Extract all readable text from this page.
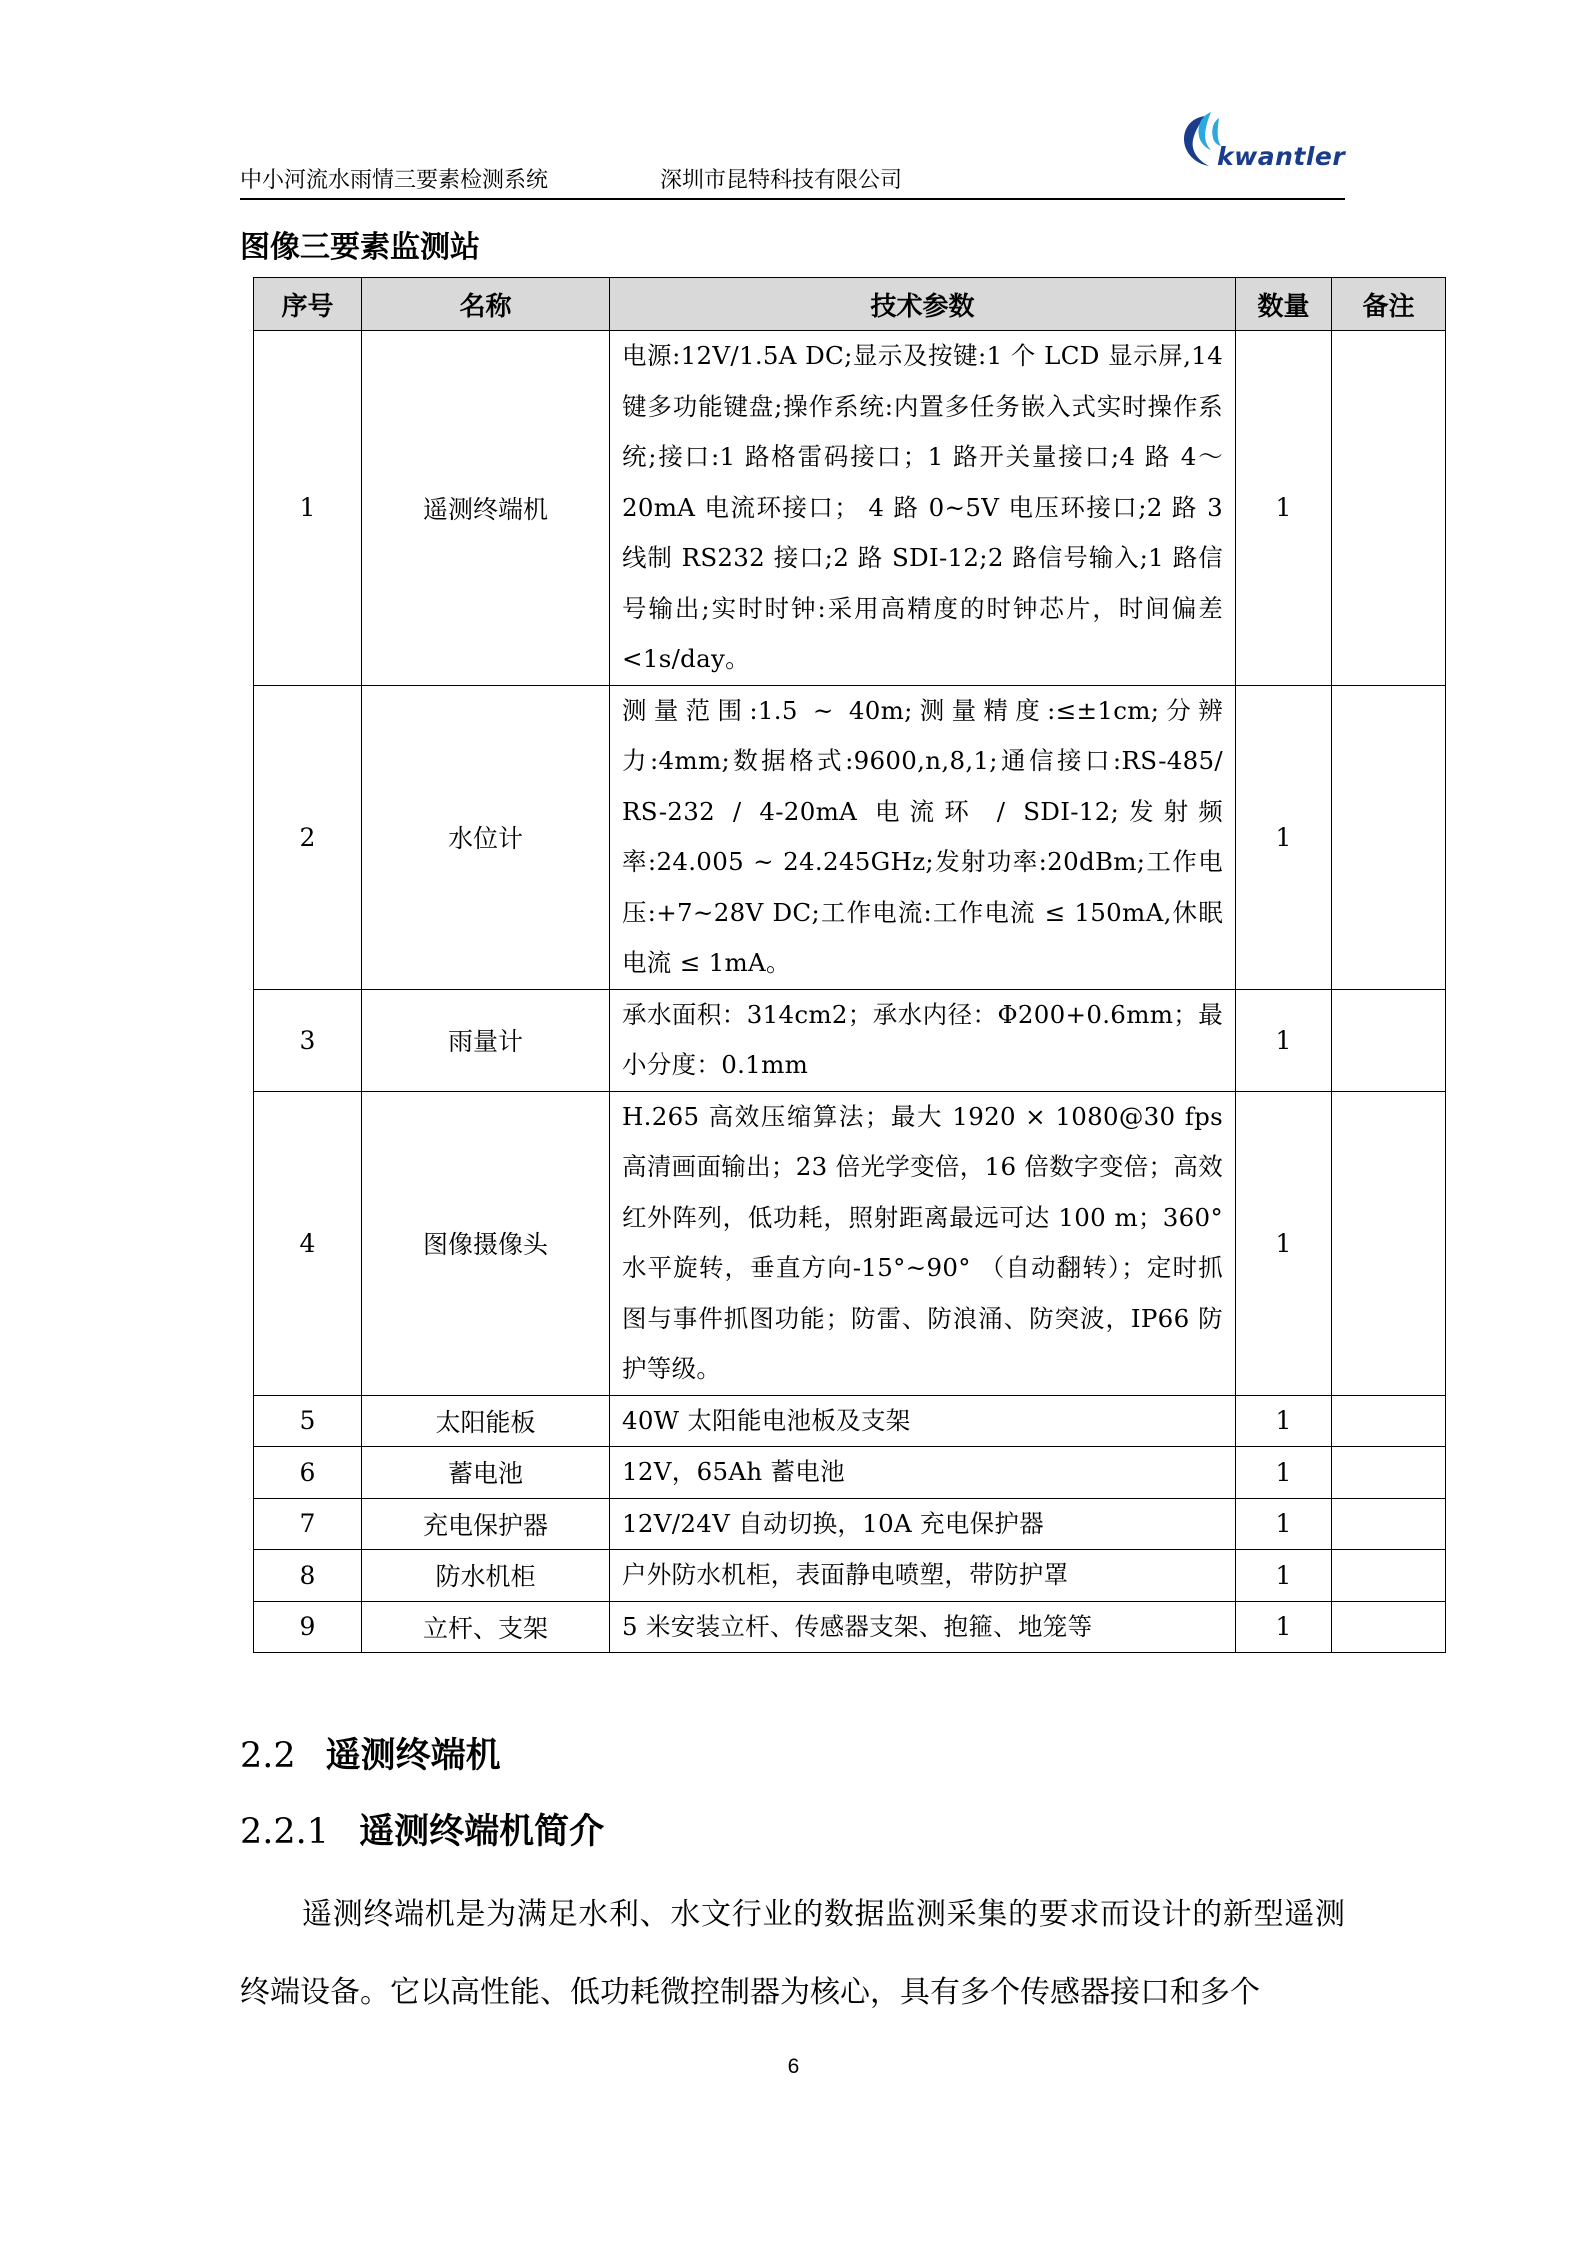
中小河流水雨情三要素检测系统	深圳市昆特科技有限公司
kwantler
图像三要素监测站
序号	名称	技术参数	数量	备注
1	遥测终端机	电源:12V/1.5A DC;显示及按键:1 个 LCD 显示屏,14 键多功能键盘;操作系统:内置多任务嵌入式实时操作系统;接口:1 路格雷码接口；1 路开关量接口;4 路 4～20mA 电流环接口； 4 路 0~5V 电压环接口;2 路 3 线制 RS232 接口;2 路 SDI-12;2 路信号输入;1 路信号输出;实时时钟:采用高精度的时钟芯片，时间偏差<1s/day。	1	
2	水位计	测量范围:1.5 ~ 40m;测量精度:≤±1cm;分辨力:4mm;数据格式:9600,n,8,1;通信接口:RS-485/ RS-232 / 4-20mA 电流环 / SDI-12;发射频率:24.005 ~ 24.245GHz;发射功率:20dBm;工作电压:+7~28V DC;工作电流:工作电流 ≤ 150mA,休眠电流 ≤ 1mA。	1	
3	雨量计	承水面积：314cm2；承水内径：Φ200+0.6mm；最小分度：0.1mm	1	
4	图像摄像头	H.265 高效压缩算法；最大 1920 × 1080@30 fps 高清画面输出；23 倍光学变倍，16 倍数字变倍；高效红外阵列，低功耗，照射距离最远可达 100 m；360° 水平旋转，垂直方向-15°~90° （自动翻转）；定时抓图与事件抓图功能；防雷、防浪涌、防突波，IP66 防护等级。	1	
5	太阳能板	40W 太阳能电池板及支架	1	
6	蓄电池	12V，65Ah 蓄电池	1	
7	充电保护器	12V/24V 自动切换，10A 充电保护器	1	
8	防水机柜	户外防水机柜，表面静电喷塑，带防护罩	1	
9	立杆、支架	5 米安装立杆、传感器支架、抱箍、地笼等	1	
2.2 遥测终端机
2.2.1 遥测终端机简介
遥测终端机是为满足水利、水文行业的数据监测采集的要求而设计的新型遥测终端设备。它以高性能、低功耗微控制器为核心，具有多个传感器接口和多个
6
